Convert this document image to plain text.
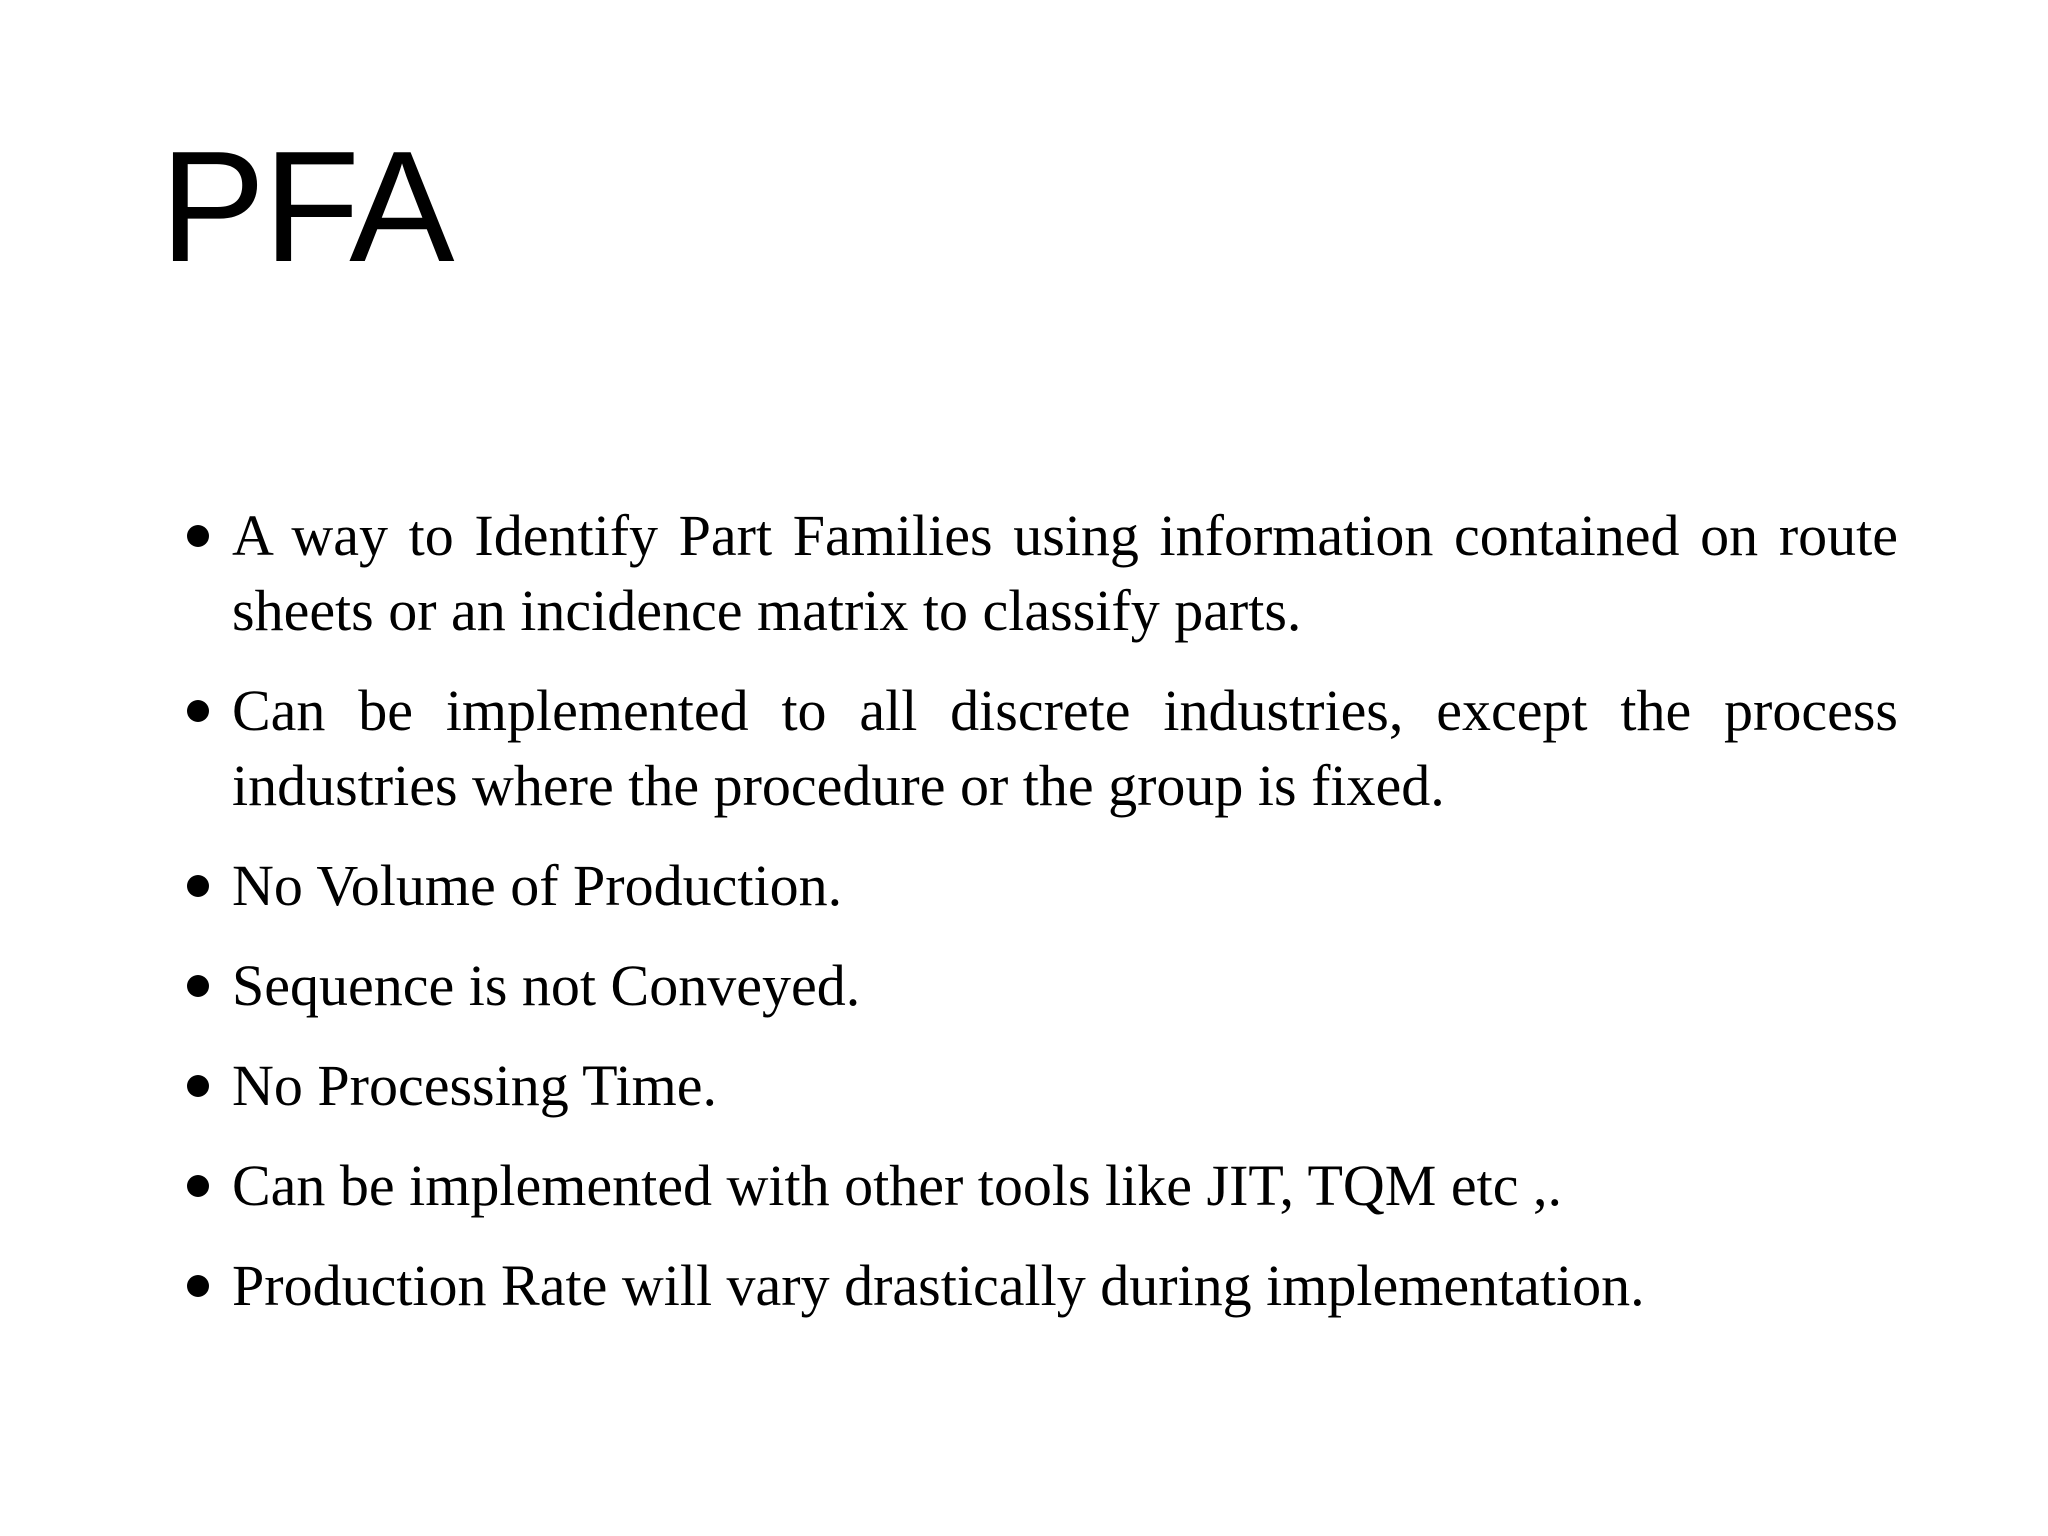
PFA
A way to Identify Part Families using information contained on route sheets or an incidence matrix to classify parts.
Can be implemented to all discrete industries, except the process industries where the procedure or the group is fixed.
No Volume of Production.
Sequence is not Conveyed.
No Processing Time.
Can be implemented with other tools like JIT, TQM etc ,.
Production Rate will vary drastically during implementation.
